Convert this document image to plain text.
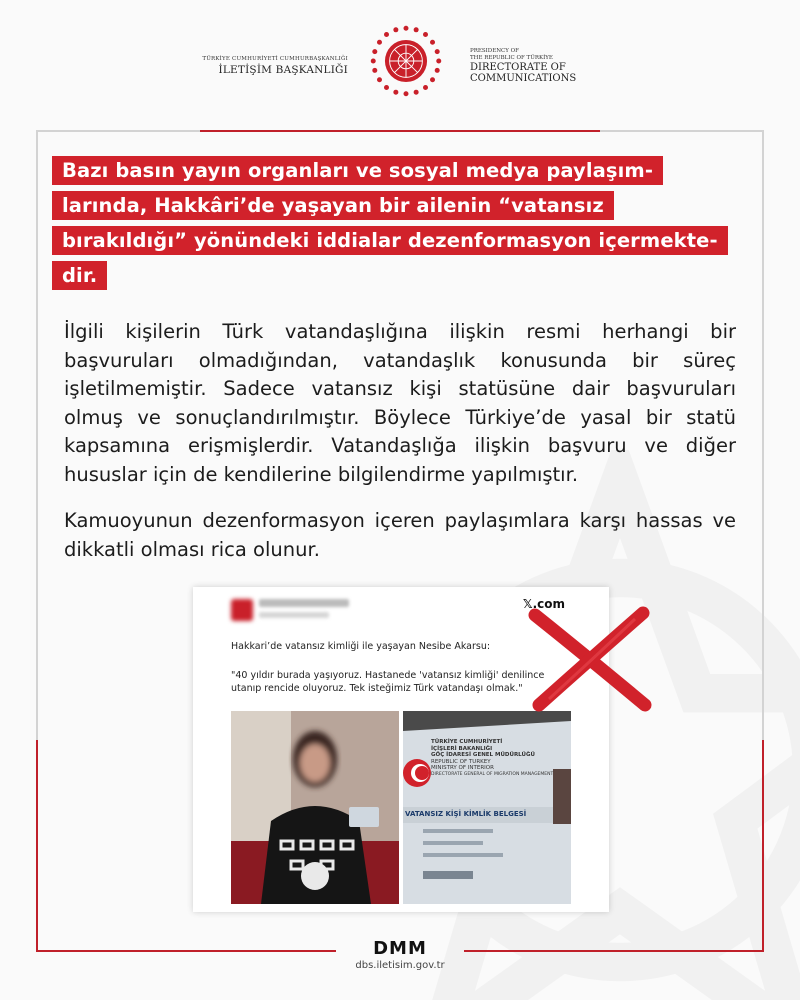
TÜRKİYE CUMHURİYETİ CUMHURBAŞKANLIĞI
İLETİŞİM BAŞKANLIĞI
PRESIDENCY OF
THE REPUBLIC OF TÜRKİYE
DIRECTORATE OF
COMMUNICATIONS
Bazı basın yayın organları ve sosyal medya paylaşım-
larında, Hakkâri’de yaşayan bir ailenin “vatansız
bırakıldığı” yönündeki iddialar dezenformasyon içermekte-
dir.

İlgili kişilerin Türk vatandaşlığına ilişkin resmi herhangi bir başvuruları olmadığından, vatandaşlık konusunda bir süreç işletilmemiştir. Sadece vatansız kişi statüsüne dair başvuruları olmuş ve sonuçlandırılmıştır. Böylece Türkiye’de yasal bir statü kapsamına erişmişlerdir. Vatandaşlığa ilişkin başvuru ve diğer hususlar için de kendilerine bilgilendirme yapılmıştır.

Kamuoyunun dezenformasyon içeren paylaşımlara karşı hassas ve dikkatli olması rica olunur.

𝕏.com
Hakkari’de vatansız kimliği ile yaşayan Nesibe Akarsu:
"40 yıldır burada yaşıyoruz. Hastanede 'vatansız kimliği' denilince utanıp rencide oluyoruz. Tek isteğimiz Türk vatandaşı olmak."
TÜRKİYE CUMHURİYETİ
İÇİŞLERİ BAKANLIĞI
GÖÇ İDARESİ GENEL MÜDÜRLÜĞÜ
REPUBLIC OF TURKEY
MINISTRY OF INTERIOR
DIRECTORATE GENERAL OF MIGRATION MANAGEMENT
VATANSIZ KİŞİ KİMLİK BELGESİ
DMM
dbs.iletisim.gov.tr
